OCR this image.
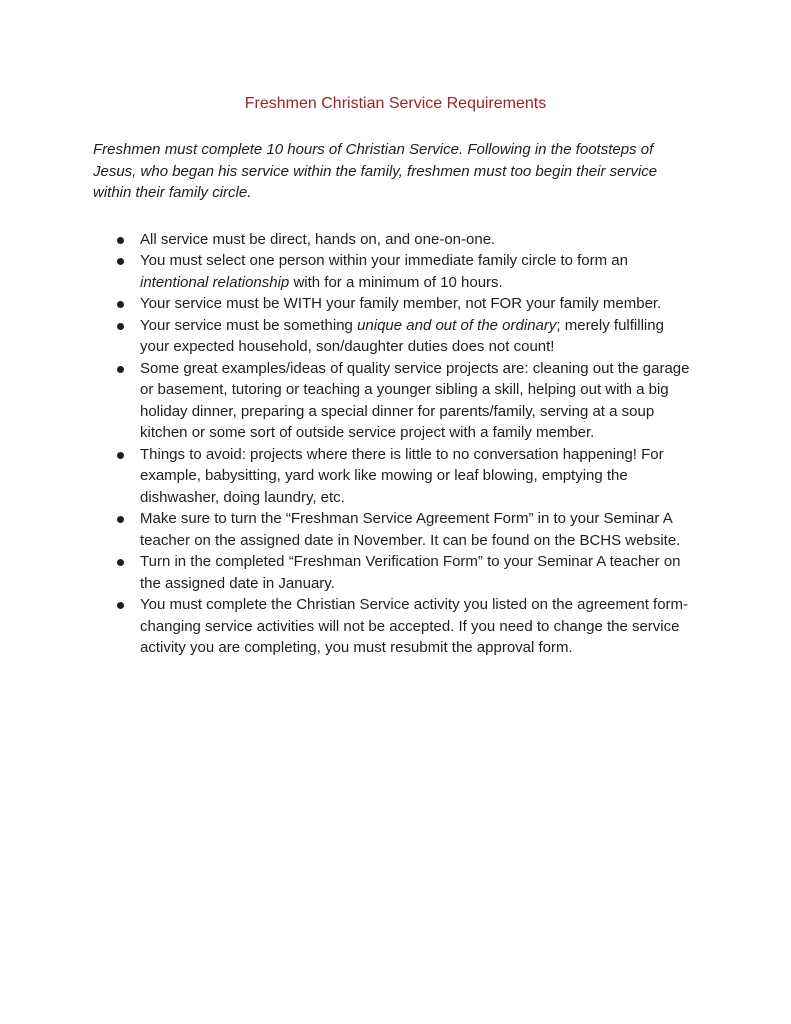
Freshmen Christian Service Requirements

Freshmen must complete 10 hours of Christian Service. Following in the footsteps of Jesus, who began his service within the family, freshmen must too begin their service within their family circle.

All service must be direct, hands on, and one-on-one.
You must select one person within your immediate family circle to form an intentional relationship with for a minimum of 10 hours.
Your service must be WITH your family member, not FOR your family member.
Your service must be something unique and out of the ordinary; merely fulfilling your expected household, son/daughter duties does not count!
Some great examples/ideas of quality service projects are: cleaning out the garage or basement, tutoring or teaching a younger sibling a skill, helping out with a big holiday dinner, preparing a special dinner for parents/family, serving at a soup kitchen or some sort of outside service project with a family member.
Things to avoid: projects where there is little to no conversation happening! For example, babysitting, yard work like mowing or leaf blowing, emptying the dishwasher, doing laundry, etc.
Make sure to turn the “Freshman Service Agreement Form” in to your Seminar A teacher on the assigned date in November. It can be found on the BCHS website.
Turn in the completed “Freshman Verification Form” to your Seminar A teacher on the assigned date in January.
You must complete the Christian Service activity you listed on the agreement form- changing service activities will not be accepted. If you need to change the service activity you are completing, you must resubmit the approval form.
